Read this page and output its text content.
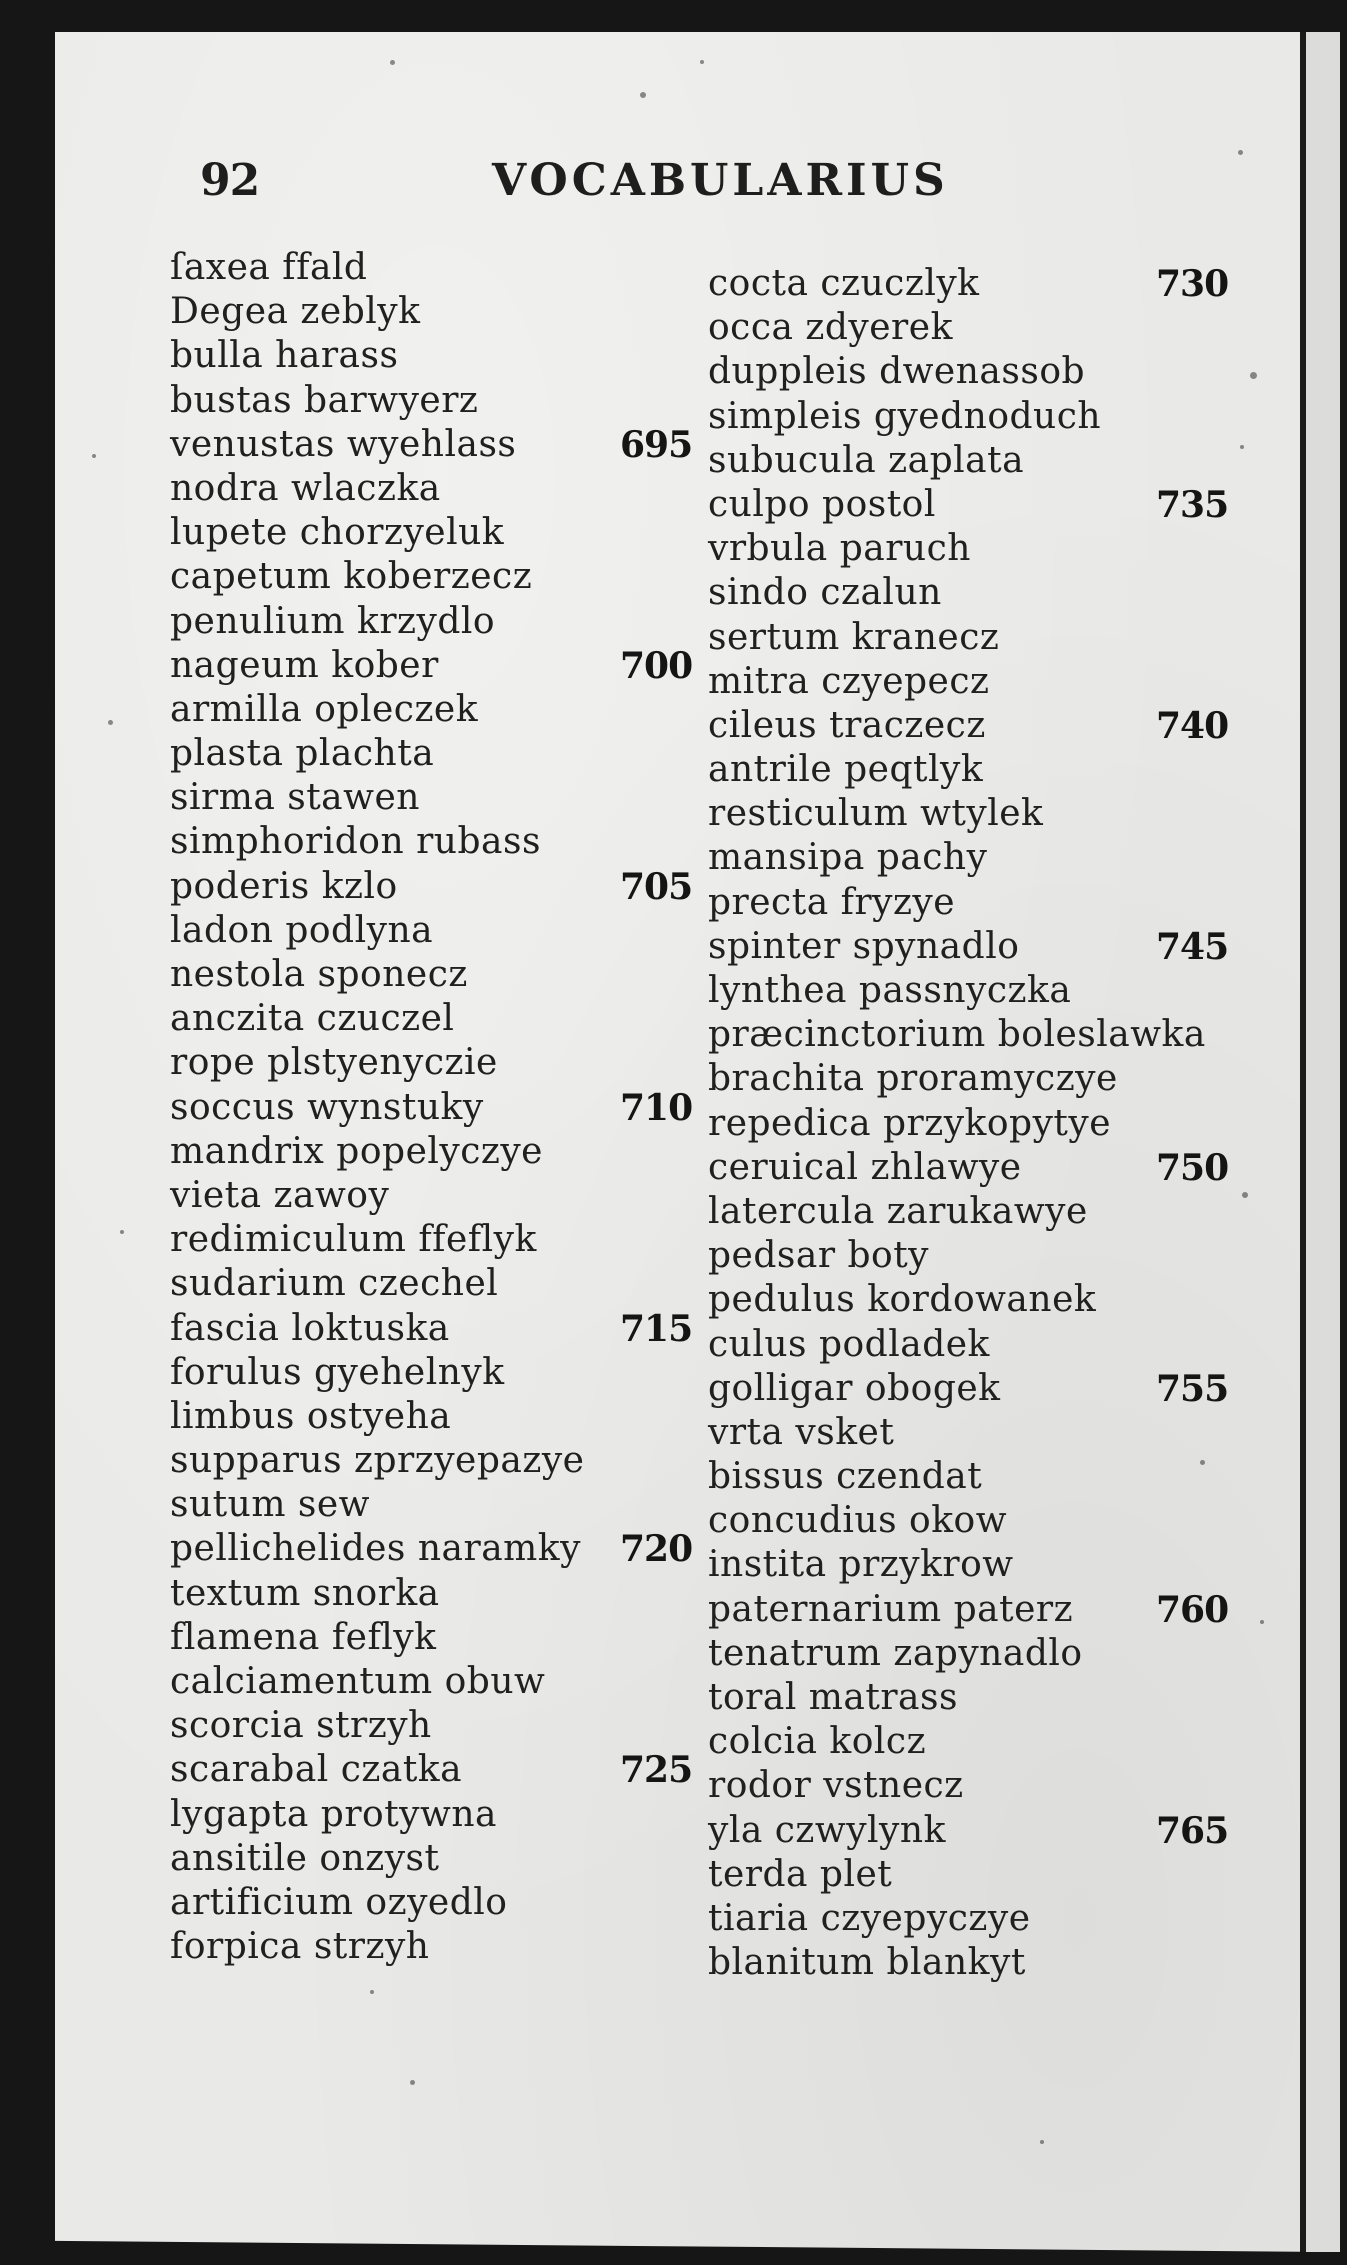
92	VOCABULARIUS
ſaxea ffald
Degea zeblyk
bulla harass
bustas barwyerz
venustas wyehlass	695
nodra wlaczka
lupete chorzyeluk
capetum koberzecz
penulium krzydlo
nageum kober	700
armilla opleczek
plasta plachta
sirma stawen
simphoridon rubass
poderis kzlo	705
ladon podlyna
nestola sponecz
anczita czuczel
rope plstyenyczie
soccus wynstuky	710
mandrix popelyczye
vieta zawoy
redimiculum ffeflyk
sudarium czechel
fascia loktuska	715
forulus gyehelnyk
limbus ostyeha
supparus zprzyepazye
sutum sew
pellichelides naramky 720
textum snorka
flamena feflyk
calciamentum obuw
scorcia strzyh
scarabal czatka	725
lygapta protywna
ansitile onzyst
artificium ozyedlo
forpica strzyh
cocta czuczlyk	730
occa zdyerek
duppleis dwenassob
simpleis gyednoduch
subucula zaplata
culpo postol	735
vrbula paruch
sindo czalun
sertum kranecz
mitra czyepecz
cileus traczecz	740
antrile peqtlyk
resticulum wtylek
mansipa pachy
precta fryzye
spinter spynadlo	745
lynthea passnyczka
præcinctorium boleslawka
brachita proramyczye
repedica przykopytye
ceruical zhlawye	750
latercula zarukawye
pedsar boty
pedulus kordowanek
culus podladek
golligar obogek	755
vrta vsket
bissus czendat
concudius okow
instita przykrow
paternarium paterz 760
tenatrum zapynadlo
toral matrass
colcia kolcz
rodor vstnecz
yla czwylynk	765
terda plet
tiaria czyepyczye
blanitum blankyt
